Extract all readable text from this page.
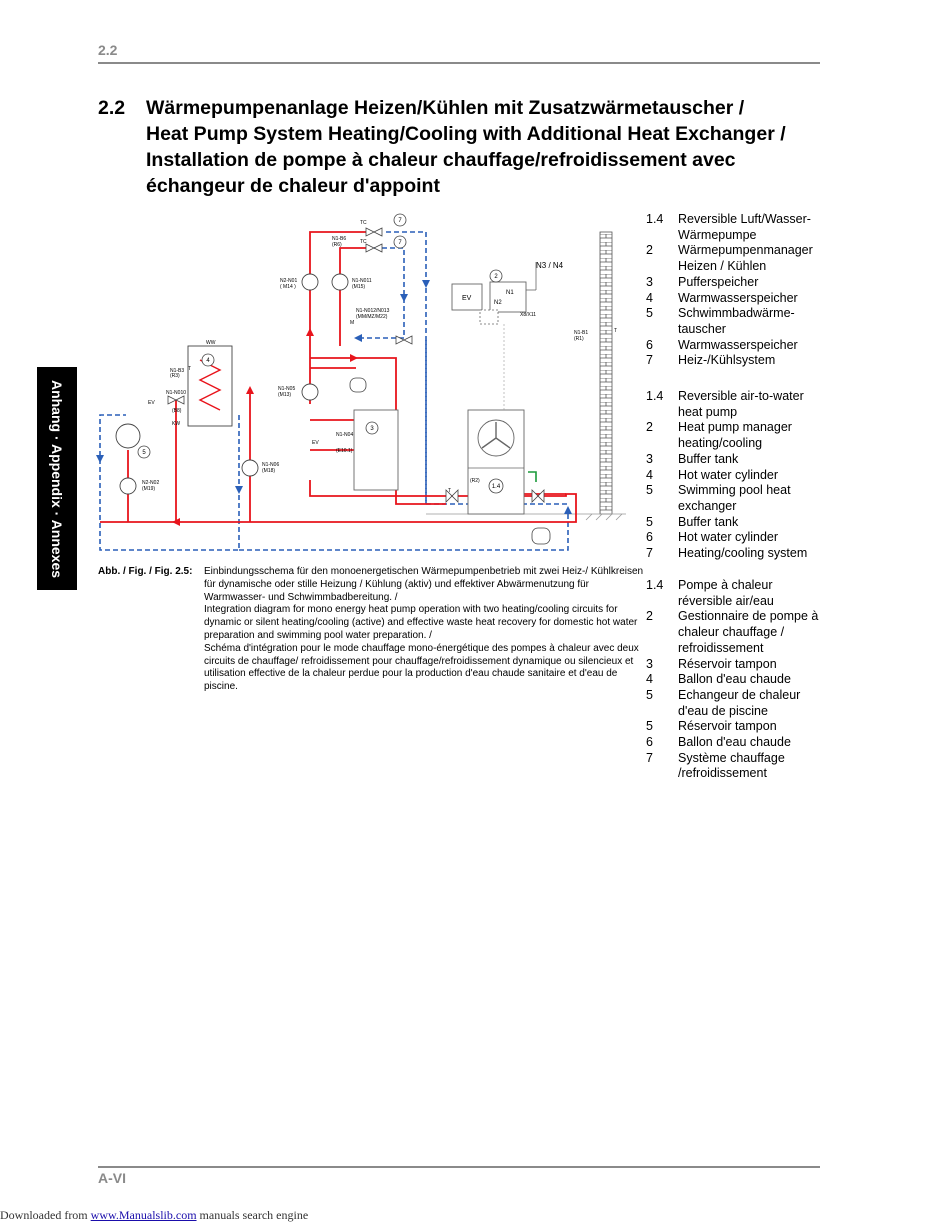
2.2
2.2 Wärmepumpenanlage Heizen/Kühlen mit Zusatzwärmetauscher /
Heat Pump System Heating/Cooling with Additional Heat Exchanger /
Installation de pompe à chaleur chauffage/refroidissement avec
échangeur de chaleur d'appoint
Anhang · Appendix · Annexes
7
7
2
4
3
5
1.4
TC
TC
N3 / N4
EV
N1
N2
X8/X11
N1-B6
(R6)
N2-N01
( M14 )
N1-N011
(M15)
N1-N012/N013
(MM/MZ/M22)
M
N1-B1
(R1)
T
N1-B3
(R3)
T
WW
KW
EV
N1-N010
(B8)
N1-N05
(M13)
N1-N04
(E10.1)
EV
N1-N06
(M18)
N2-N02
(M19)
(R2)
T
Abb. / Fig. / Fig. 2.5: Einbindungsschema für den monoenergetischen Wärmepumpenbetrieb mit zwei Heiz-/ Kühlkreisen für dynamische oder stille Heizung / Kühlung (aktiv) und effektiver Abwärmenutzung für Warmwasser- und Schwimmbadbereitung. /
Integration diagram for mono energy heat pump operation with two heating/cooling circuits for dynamic or silent heating/cooling (active) and effective waste heat recovery for domestic hot water preparation and swimming pool water preparation. /
Schéma d'intégration pour le mode chauffage mono-énergétique des pompes à chaleur avec deux circuits de chauffage/ refroidissement pour chauffage/refroidissement dynamique ou silencieux et utilisation effective de la chaleur perdue pour la production d'eau chaude sanitaire et d'eau de piscine.
1.4 Reversible Luft/Wasser-Wärmepumpe
2 Wärmepumpenmanager Heizen / Kühlen
3 Pufferspeicher
4 Warmwasserspeicher
5 Schwimmbadwärme-tauscher
6 Warmwasserspeicher
7 Heiz-/Kühlsystem
1.4 Reversible air-to-water heat pump
2 Heat pump manager heating/cooling
3 Buffer tank
4 Hot water cylinder
5 Swimming pool heat exchanger
5 Buffer tank
6 Hot water cylinder
7 Heating/cooling system
1.4 Pompe à chaleur réversible air/eau
2 Gestionnaire de pompe à chaleur chauffage / refroidissement
3 Réservoir tampon
4 Ballon d'eau chaude
5 Echangeur de chaleur d'eau de piscine
5 Réservoir tampon
6 Ballon d'eau chaude
7 Système chauffage /refroidissement
A-VI
Downloaded from www.Manualslib.com manuals search engine
